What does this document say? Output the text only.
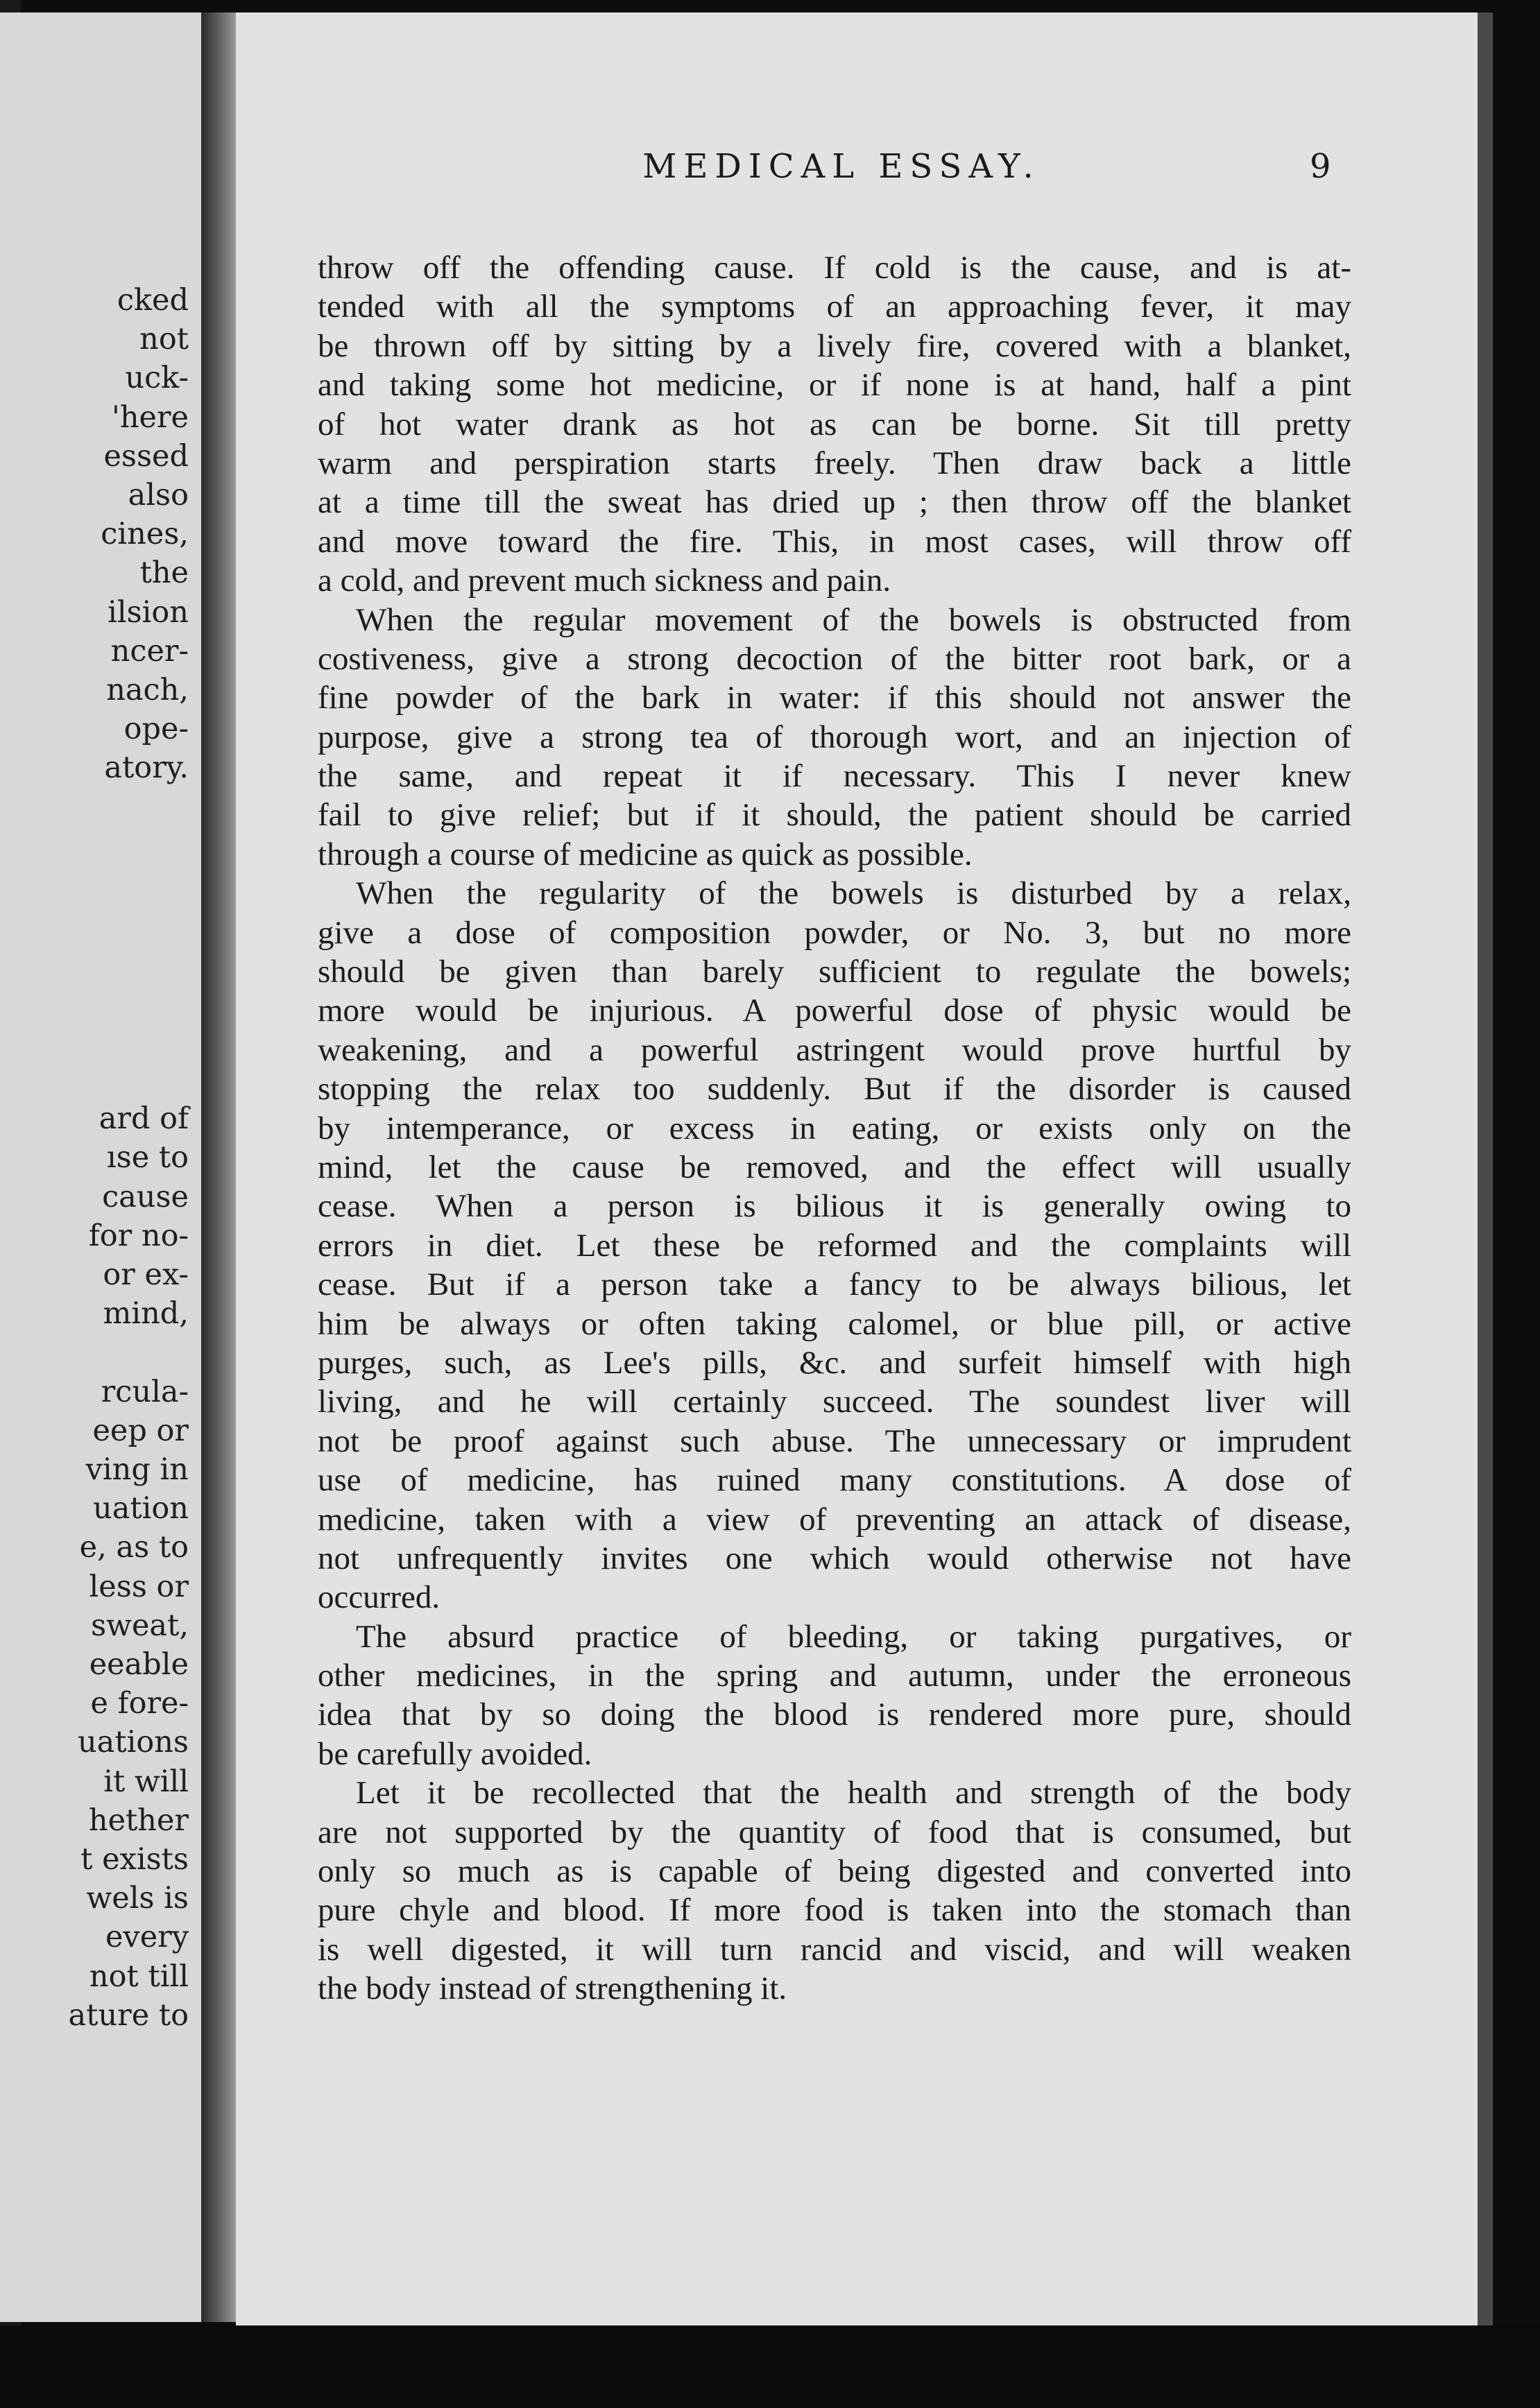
cked
not
uck-
'here
essed
also
cines,
the
ilsion
ncer-
nach,
ope-
atory.
ard of
ıse to
cause
for no-
or ex-
mind,
rcula-
eep or
ving in
uation
e, as to
less or
sweat,
eeable
e fore-
uations
it will
hether
t exists
wels is
every
not till
ature to
MEDICAL ESSAY.	9
throw off the offending cause. If cold is the cause, and is at-
tended with all the symptoms of an approaching fever, it may
be thrown off by sitting by a lively fire, covered with a blanket,
and taking some hot medicine, or if none is at hand, half a pint
of hot water drank as hot as can be borne. Sit till pretty
warm and perspiration starts freely. Then draw back a little
at a time till the sweat has dried up ; then throw off the blanket
and move toward the fire. This, in most cases, will throw off
a cold, and prevent much sickness and pain.
When the regular movement of the bowels is obstructed from
costiveness, give a strong decoction of the bitter root bark, or a
fine powder of the bark in water: if this should not answer the
purpose, give a strong tea of thorough wort, and an injection of
the same, and repeat it if necessary. This I never knew
fail to give relief; but if it should, the patient should be carried
through a course of medicine as quick as possible.
When the regularity of the bowels is disturbed by a relax,
give a dose of composition powder, or No. 3, but no more
should be given than barely sufficient to regulate the bowels;
more would be injurious. A powerful dose of physic would be
weakening, and a powerful astringent would prove hurtful by
stopping the relax too suddenly. But if the disorder is caused
by intemperance, or excess in eating, or exists only on the
mind, let the cause be removed, and the effect will usually
cease. When a person is bilious it is generally owing to
errors in diet. Let these be reformed and the complaints will
cease. But if a person take a fancy to be always bilious, let
him be always or often taking calomel, or blue pill, or active
purges, such, as Lee's pills, &c. and surfeit himself with high
living, and he will certainly succeed. The soundest liver will
not be proof against such abuse. The unnecessary or imprudent
use of medicine, has ruined many constitutions. A dose of
medicine, taken with a view of preventing an attack of disease,
not unfrequently invites one which would otherwise not have
occurred.
The absurd practice of bleeding, or taking purgatives, or
other medicines, in the spring and autumn, under the erroneous
idea that by so doing the blood is rendered more pure, should
be carefully avoided.
Let it be recollected that the health and strength of the body
are not supported by the quantity of food that is consumed, but
only so much as is capable of being digested and converted into
pure chyle and blood. If more food is taken into the stomach than
is well digested, it will turn rancid and viscid, and will weaken
the body instead of strengthening it.
